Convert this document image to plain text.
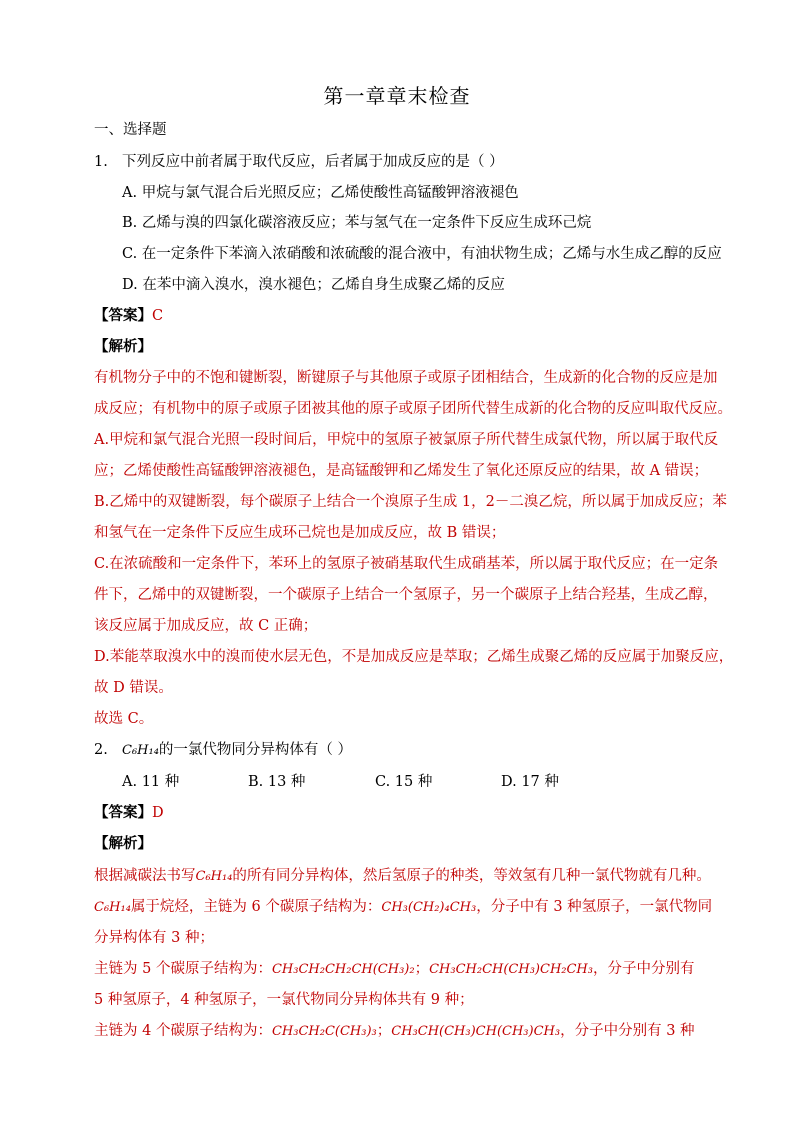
第一章章末检查
一、选择题
1. 下列反应中前者属于取代反应，后者属于加成反应的是（ ）
A. 甲烷与氯气混合后光照反应；乙烯使酸性高锰酸钾溶液褪色
B. 乙烯与溴的四氯化碳溶液反应；苯与氢气在一定条件下反应生成环己烷
C. 在一定条件下苯滴入浓硝酸和浓硫酸的混合液中，有油状物生成；乙烯与水生成乙醇的反应
D. 在苯中滴入溴水，溴水褪色；乙烯自身生成聚乙烯的反应
【答案】C
【解析】
有机物分子中的不饱和键断裂，断键原子与其他原子或原子团相结合，生成新的化合物的反应是加
成反应；有机物中的原子或原子团被其他的原子或原子团所代替生成新的化合物的反应叫取代反应。
A.甲烷和氯气混合光照一段时间后，甲烷中的氢原子被氯原子所代替生成氯代物，所以属于取代反
应；乙烯使酸性高锰酸钾溶液褪色，是高锰酸钾和乙烯发生了氧化还原反应的结果，故 A 错误；
B.乙烯中的双键断裂，每个碳原子上结合一个溴原子生成 1，2－二溴乙烷，所以属于加成反应；苯
和氢气在一定条件下反应生成环己烷也是加成反应，故 B 错误；
C.在浓硫酸和一定条件下，苯环上的氢原子被硝基取代生成硝基苯，所以属于取代反应；在一定条
件下，乙烯中的双键断裂，一个碳原子上结合一个氢原子，另一个碳原子上结合羟基，生成乙醇，
该反应属于加成反应，故 C 正确；
D.苯能萃取溴水中的溴而使水层无色，不是加成反应是萃取；乙烯生成聚乙烯的反应属于加聚反应，
故 D 错误。
故选 C。
2. C₆H₁₄的一氯代物同分异构体有（ ）
A. 11 种	B. 13 种	C. 15 种	D. 17 种
【答案】D
【解析】
根据减碳法书写C₆H₁₄的所有同分异构体，然后氢原子的种类，等效氢有几种一氯代物就有几种。
C₆H₁₄属于烷烃，主链为 6 个碳原子结构为：CH₃(CH₂)₄CH₃，分子中有 3 种氢原子，一氯代物同
分异构体有 3 种；
主链为 5 个碳原子结构为：CH₃CH₂CH₂CH(CH₃)₂；CH₃CH₂CH(CH₃)CH₂CH₃，分子中分别有
5 种氢原子，4 种氢原子，一氯代物同分异构体共有 9 种；
主链为 4 个碳原子结构为：CH₃CH₂C(CH₃)₃；CH₃CH(CH₃)CH(CH₃)CH₃，分子中分别有 3 种
